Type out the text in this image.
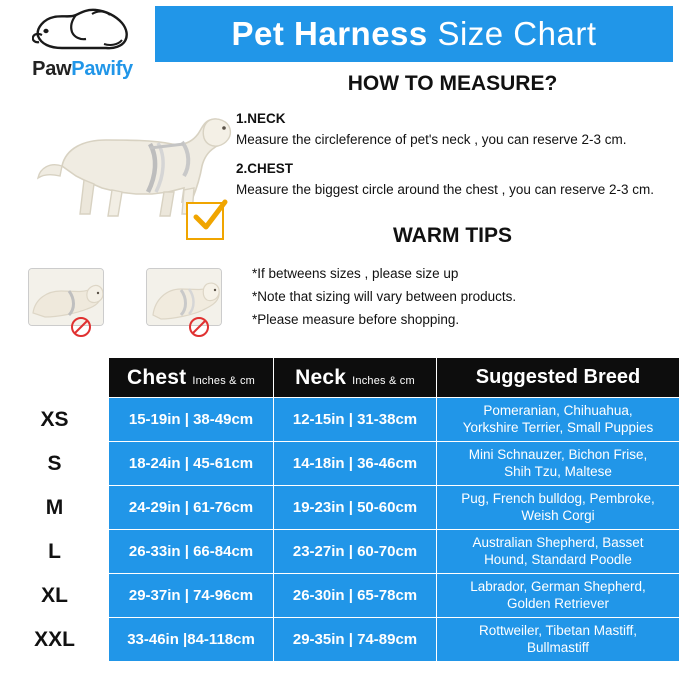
Pet Harness Size Chart
PawPawify
HOW TO MEASURE?
1.NECK
Measure the circleference of pet's neck , you can reserve 2-3 cm.
2.CHEST
Measure the biggest circle around the chest , you can reserve 2-3 cm.
WARM TIPS
*If betweens sizes , please size up
*Note that sizing will vary between products.
*Please measure before shopping.

	Chest Inches & cm	Neck Inches & cm	Suggested Breed
XS	15-19in | 38-49cm	12-15in | 31-38cm	Pomeranian, Chihuahua,
Yorkshire Terrier, Small Puppies
S	18-24in | 45-61cm	14-18in | 36-46cm	Mini Schnauzer, Bichon Frise,
Shih Tzu, Maltese
M	24-29in | 61-76cm	19-23in | 50-60cm	Pug, French bulldog, Pembroke,
Weish Corgi
L	26-33in | 66-84cm	23-27in | 60-70cm	Australian Shepherd, Basset
Hound, Standard Poodle
XL	29-37in | 74-96cm	26-30in | 65-78cm	Labrador, German Shepherd,
Golden Retriever
XXL	33-46in |84-118cm	29-35in | 74-89cm	Rottweiler, Tibetan Mastiff,
Bullmastiff
